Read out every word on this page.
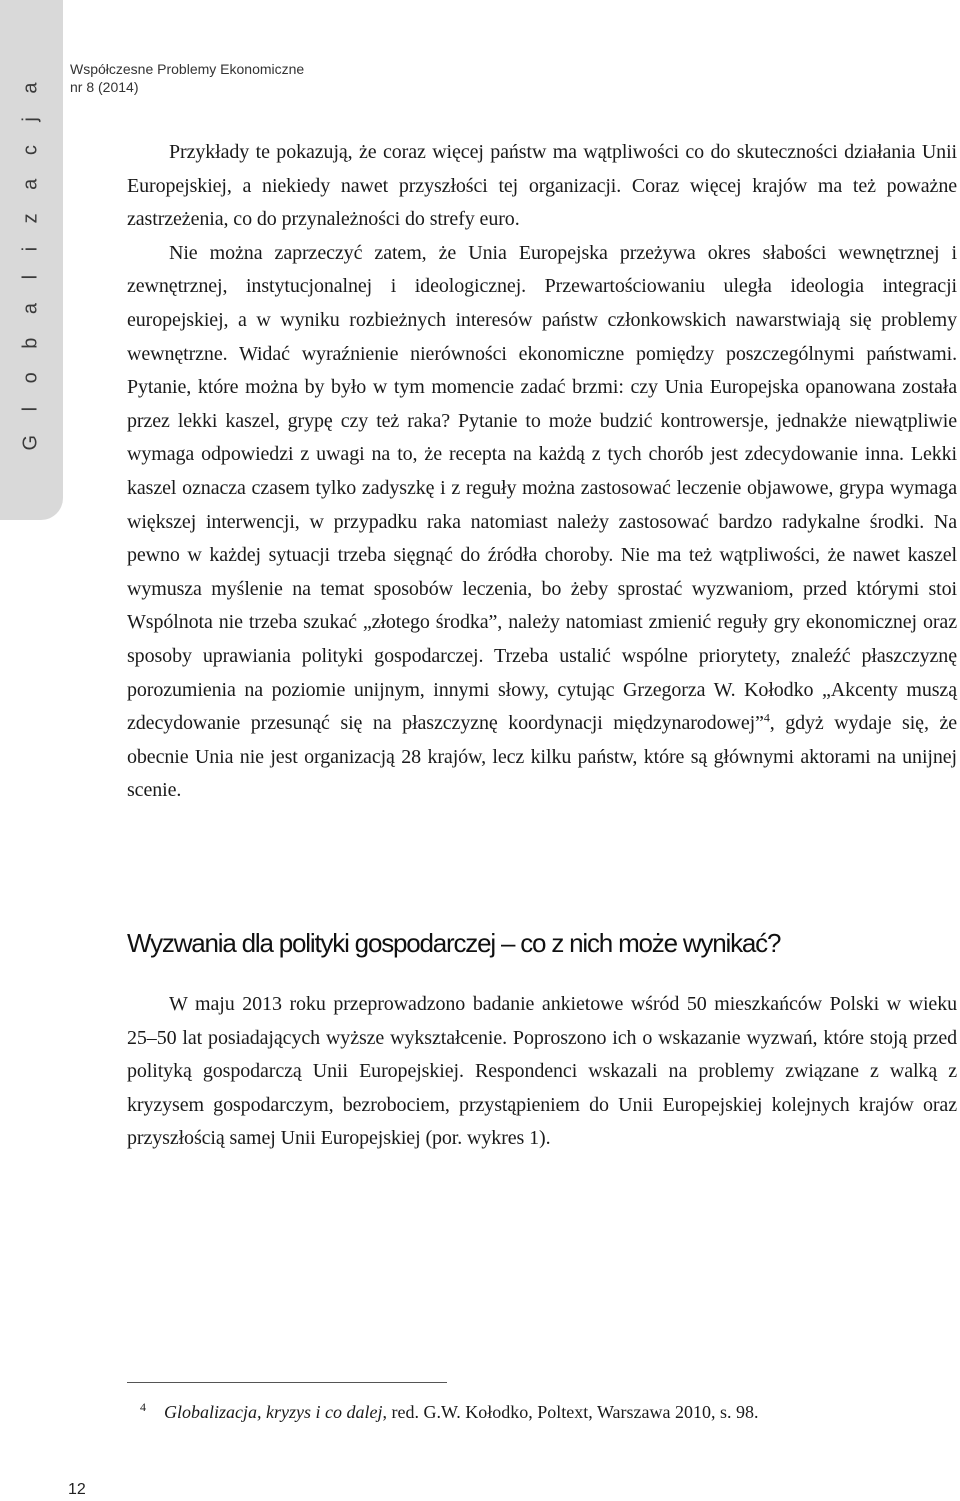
G l o b a l i z a c j a
Współczesne Problemy Ekonomiczne
nr 8 (2014)

Przykłady te pokazują, że coraz więcej państw ma wątpliwości co do skuteczności działania Unii Europejskiej, a niekiedy nawet przyszłości tej organizacji. Coraz więcej krajów ma też poważne zastrzeżenia, co do przynależności do strefy euro.

Nie można zaprzeczyć zatem, że Unia Europejska przeżywa okres słabości wewnętrznej i zewnętrznej, instytucjonalnej i ideologicznej. Przewartościowaniu uległa ideologia integracji europejskiej, a w wyniku rozbieżnych interesów państw członkowskich nawarstwiają się problemy wewnętrzne. Widać wyraźnienie nierówności ekonomiczne pomiędzy poszczególnymi państwami. Pytanie, które można by było w tym momencie zadać brzmi: czy Unia Europejska opanowana została przez lekki kaszel, grypę czy też raka? Pytanie to może budzić kontrowersje, jednakże niewątpliwie wymaga odpowiedzi z uwagi na to, że recepta na każdą z tych chorób jest zdecydowanie inna. Lekki kaszel oznacza czasem tylko zadyszkę i z reguły można zastosować leczenie objawowe, grypa wymaga większej interwencji, w przypadku raka natomiast należy zastosować bardzo radykalne środki. Na pewno w każdej sytuacji trzeba sięgnąć do źródła choroby. Nie ma też wątpliwości, że nawet kaszel wymusza myślenie na temat sposobów leczenia, bo żeby sprostać wyzwaniom, przed którymi stoi Wspólnota nie trzeba szukać „złotego środka”, należy natomiast zmienić reguły gry ekonomicznej oraz sposoby uprawiania polityki gospodarczej. Trzeba ustalić wspólne priorytety, znaleźć płaszczyznę porozumienia na poziomie unijnym, innymi słowy, cytując Grzegorza W. Kołodko „Akcenty muszą zdecydowanie przesunąć się na płaszczyznę koordynacji międzynarodowej”$^4$, gdyż wydaje się, że obecnie Unia nie jest organizacją 28 krajów, lecz kilku państw, które są głównymi aktorami na unijnej scenie.

Wyzwania dla polityki gospodarczej – co z nich może wynikać?

W maju 2013 roku przeprowadzono badanie ankietowe wśród 50 mieszkańców Polski w wieku 25–50 lat posiadających wyższe wykształcenie. Poproszono ich o wskazanie wyzwań, które stoją przed polityką gospodarczą Unii Europejskiej. Respondenci wskazali na problemy związane z walką z kryzysem gospodarczym, bezrobociem, przystąpieniem do Unii Europejskiej kolejnych krajów oraz przyszłością samej Unii Europejskiej (por. wykres 1).

$^4$ Globalizacja, kryzys i co dalej, red. G.W. Kołodko, Poltext, Warszawa 2010, s. 98.
12
